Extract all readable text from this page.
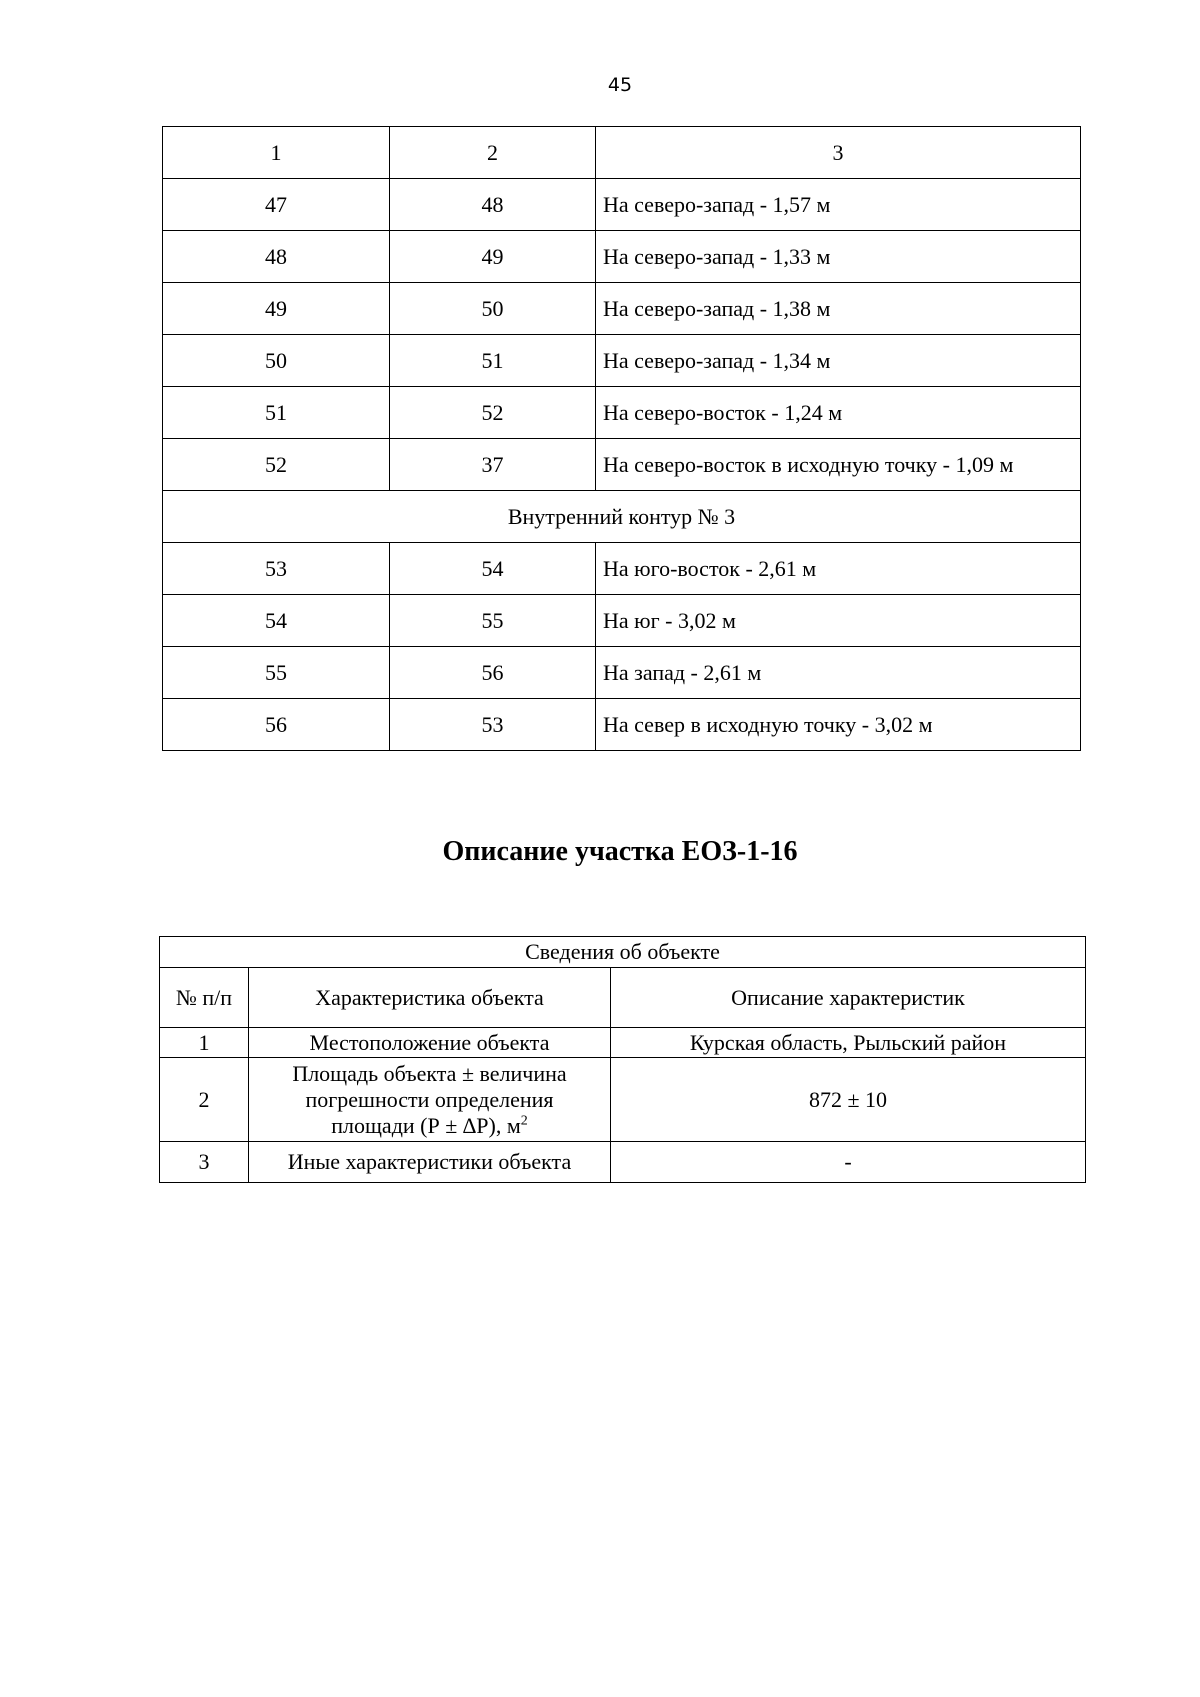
45
1	2	3
47	48	На северо-запад - 1,57 м
48	49	На северо-запад - 1,33 м
49	50	На северо-запад - 1,38 м
50	51	На северо-запад - 1,34 м
51	52	На северо-восток - 1,24 м
52	37	На северо-восток в исходную точку - 1,09 м
Внутренний контур № 3		
53	54	На юго-восток - 2,61 м
54	55	На юг - 3,02 м
55	56	На запад - 2,61 м
56	53	На север в исходную точку - 3,02 м
Описание участка ЕОЗ-1-16
Сведения об объекте		
№ п/п	Характеристика объекта	Описание характеристик
1	Местоположение объекта	Курская область, Рыльский район
2	Площадь объекта ± величина
погрешности определения
площади (Р ± ∆Р), $м^2$	872 ± 10
3	Иные характеристики объекта	-
